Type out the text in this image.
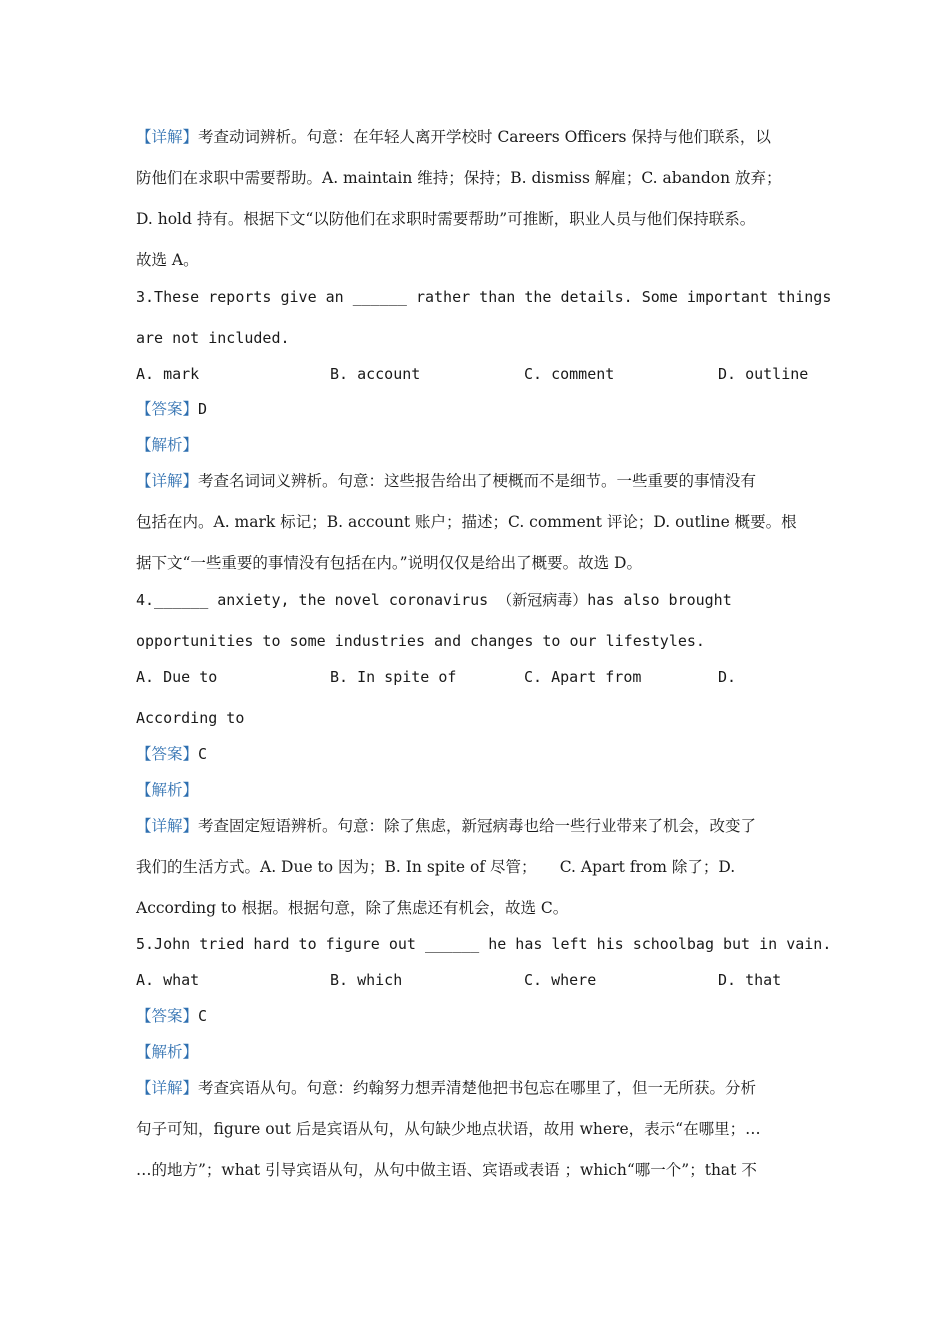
【详解】考查动词辨析。句意：在年轻人离开学校时 Careers Officers 保持与他们联系，以
防他们在求职中需要帮助。A. maintain 维持；保持；B. dismiss 解雇；C. abandon 放弃；
D. hold 持有。根据下文“以防他们在求职时需要帮助”可推断，职业人员与他们保持联系。
故选 A。
3.These reports give an ______ rather than the details. Some important things
are not included.
A. mark	B. account	C. comment	D. outline
【答案】D
【解析】
【详解】考查名词词义辨析。句意：这些报告给出了梗概而不是细节。一些重要的事情没有
包括在内。A. mark 标记；B. account 账户；描述；C. comment 评论；D. outline 概要。根
据下文“一些重要的事情没有包括在内。”说明仅仅是给出了概要。故选 D。
4.______ anxiety, the novel coronavirus （新冠病毒）has also brought
opportunities to some industries and changes to our lifestyles.
A. Due to	B. In spite of	C. Apart from	D.
According to
【答案】C
【解析】
【详解】考查固定短语辨析。句意：除了焦虑，新冠病毒也给一些行业带来了机会，改变了
我们的生活方式。A. Due to 因为；B. In spite of 尽管；　　C. Apart from 除了；D.
According to 根据。根据句意，除了焦虑还有机会，故选 C。
5.John tried hard to figure out ______ he has left his schoolbag but in vain.
A. what	B. which	C. where	D. that
【答案】C
【解析】
【详解】考查宾语从句。句意：约翰努力想弄清楚他把书包忘在哪里了，但一无所获。分析
句子可知，figure out 后是宾语从句，从句缺少地点状语，故用 where，表示“在哪里；…
…的地方”；what 引导宾语从句，从句中做主语、宾语或表语 ；which“哪一个”；that 不
